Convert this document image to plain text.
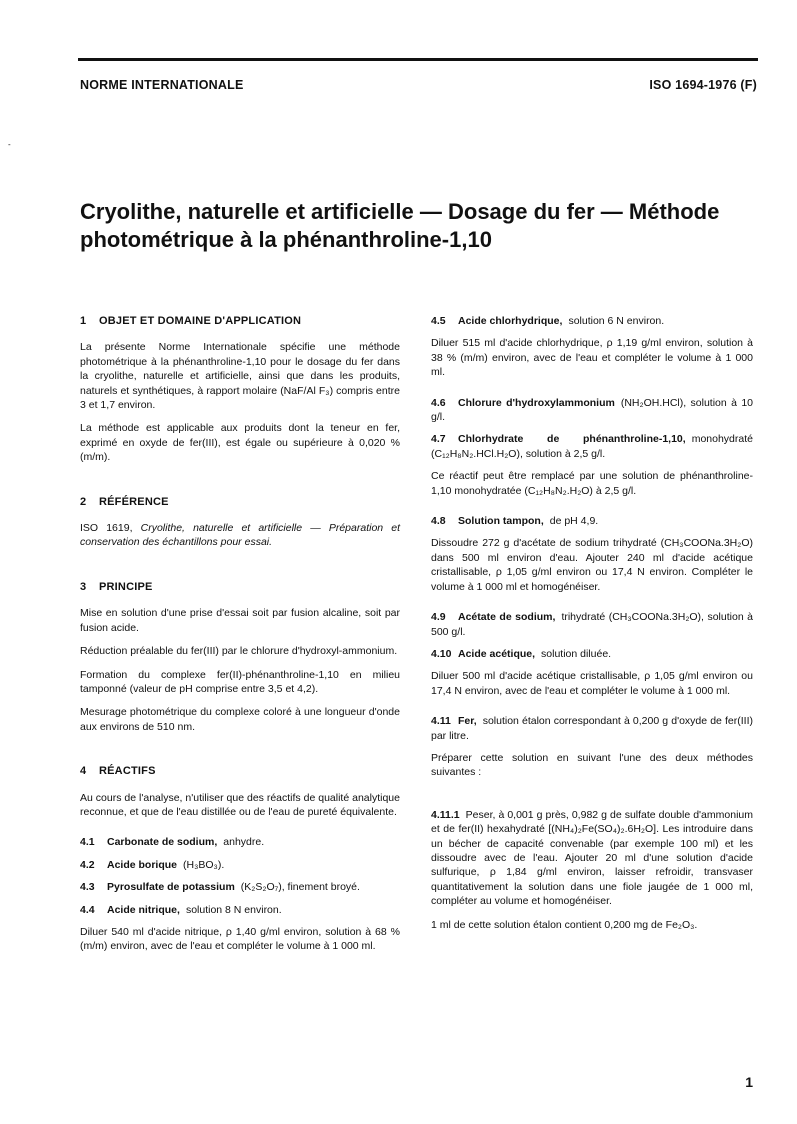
NORME INTERNATIONALE	ISO 1694-1976 (F)
-
Cryolithe, naturelle et artificielle — Dosage du fer — Méthode photométrique à la phénanthroline-1,10
1 OBJET ET DOMAINE D'APPLICATION

La présente Norme Internationale spécifie une méthode photométrique à la phénanthroline-1,10 pour le dosage du fer dans la cryolithe, naturelle et artificielle, ainsi que dans les produits, naturels et synthétiques, à rapport molaire (NaF/Al F₃) compris entre 3 et 1,7 environ.

La méthode est applicable aux produits dont la teneur en fer, exprimé en oxyde de fer(III), est égale ou supérieure à 0,020 % (m/m).

2 RÉFÉRENCE

ISO 1619, Cryolithe, naturelle et artificielle — Préparation et conservation des échantillons pour essai.

3 PRINCIPE

Mise en solution d'une prise d'essai soit par fusion alcaline, soit par fusion acide.

Réduction préalable du fer(III) par le chlorure d'hydroxyl-ammonium.

Formation du complexe fer(II)-phénanthroline-1,10 en milieu tamponné (valeur de pH comprise entre 3,5 et 4,2).

Mesurage photométrique du complexe coloré à une longueur d'onde aux environs de 510 nm.

4 RÉACTIFS

Au cours de l'analyse, n'utiliser que des réactifs de qualité analytique reconnue, et que de l'eau distillée ou de l'eau de pureté équivalente.

4.1 Carbonate de sodium, anhydre.

4.2 Acide borique (H₃BO₃).

4.3 Pyrosulfate de potassium (K₂S₂O₇), finement broyé.

4.4 Acide nitrique, solution 8 N environ.

Diluer 540 ml d'acide nitrique, ρ 1,40 g/ml environ, solution à 68 % (m/m) environ, avec de l'eau et compléter le volume à 1 000 ml.

4.5 Acide chlorhydrique, solution 6 N environ.

Diluer 515 ml d'acide chlorhydrique, ρ 1,19 g/ml environ, solution à 38 % (m/m) environ, avec de l'eau et compléter le volume à 1 000 ml.

4.6 Chlorure d'hydroxylammonium (NH₂OH.HCl), solution à 10 g/l.

4.7 Chlorhydrate de phénanthroline-1,10, monohydraté (C₁₂H₈N₂.HCl.H₂O), solution à 2,5 g/l.

Ce réactif peut être remplacé par une solution de phénanthroline-1,10 monohydratée (C₁₂H₈N₂.H₂O) à 2,5 g/l.

4.8 Solution tampon, de pH 4,9.

Dissoudre 272 g d'acétate de sodium trihydraté (CH₃COONa.3H₂O) dans 500 ml environ d'eau. Ajouter 240 ml d'acide acétique cristallisable, ρ 1,05 g/ml environ ou 17,4 N environ. Compléter le volume à 1 000 ml et homogénéiser.

4.9 Acétate de sodium, trihydraté (CH₃COONa.3H₂O), solution à 500 g/l.

4.10 Acide acétique, solution diluée.

Diluer 500 ml d'acide acétique cristallisable, ρ 1,05 g/ml environ ou 17,4 N environ, avec de l'eau et compléter le volume à 1 000 ml.

4.11 Fer, solution étalon correspondant à 0,200 g d'oxyde de fer(III) par litre.

Préparer cette solution en suivant l'une des deux méthodes suivantes :

4.11.1 Peser, à 0,001 g près, 0,982 g de sulfate double d'ammonium et de fer(II) hexahydraté [(NH₄)₂Fe(SO₄)₂.6H₂O]. Les introduire dans un bécher de capacité convenable (par exemple 100 ml) et les dissoudre avec de l'eau. Ajouter 20 ml d'une solution d'acide sulfurique, ρ 1,84 g/ml environ, laisser refroidir, transvaser quantitativement la solution dans une fiole jaugée de 1 000 ml, compléter au volume et homogénéiser.

1 ml de cette solution étalon contient 0,200 mg de Fe₂O₃.

1
